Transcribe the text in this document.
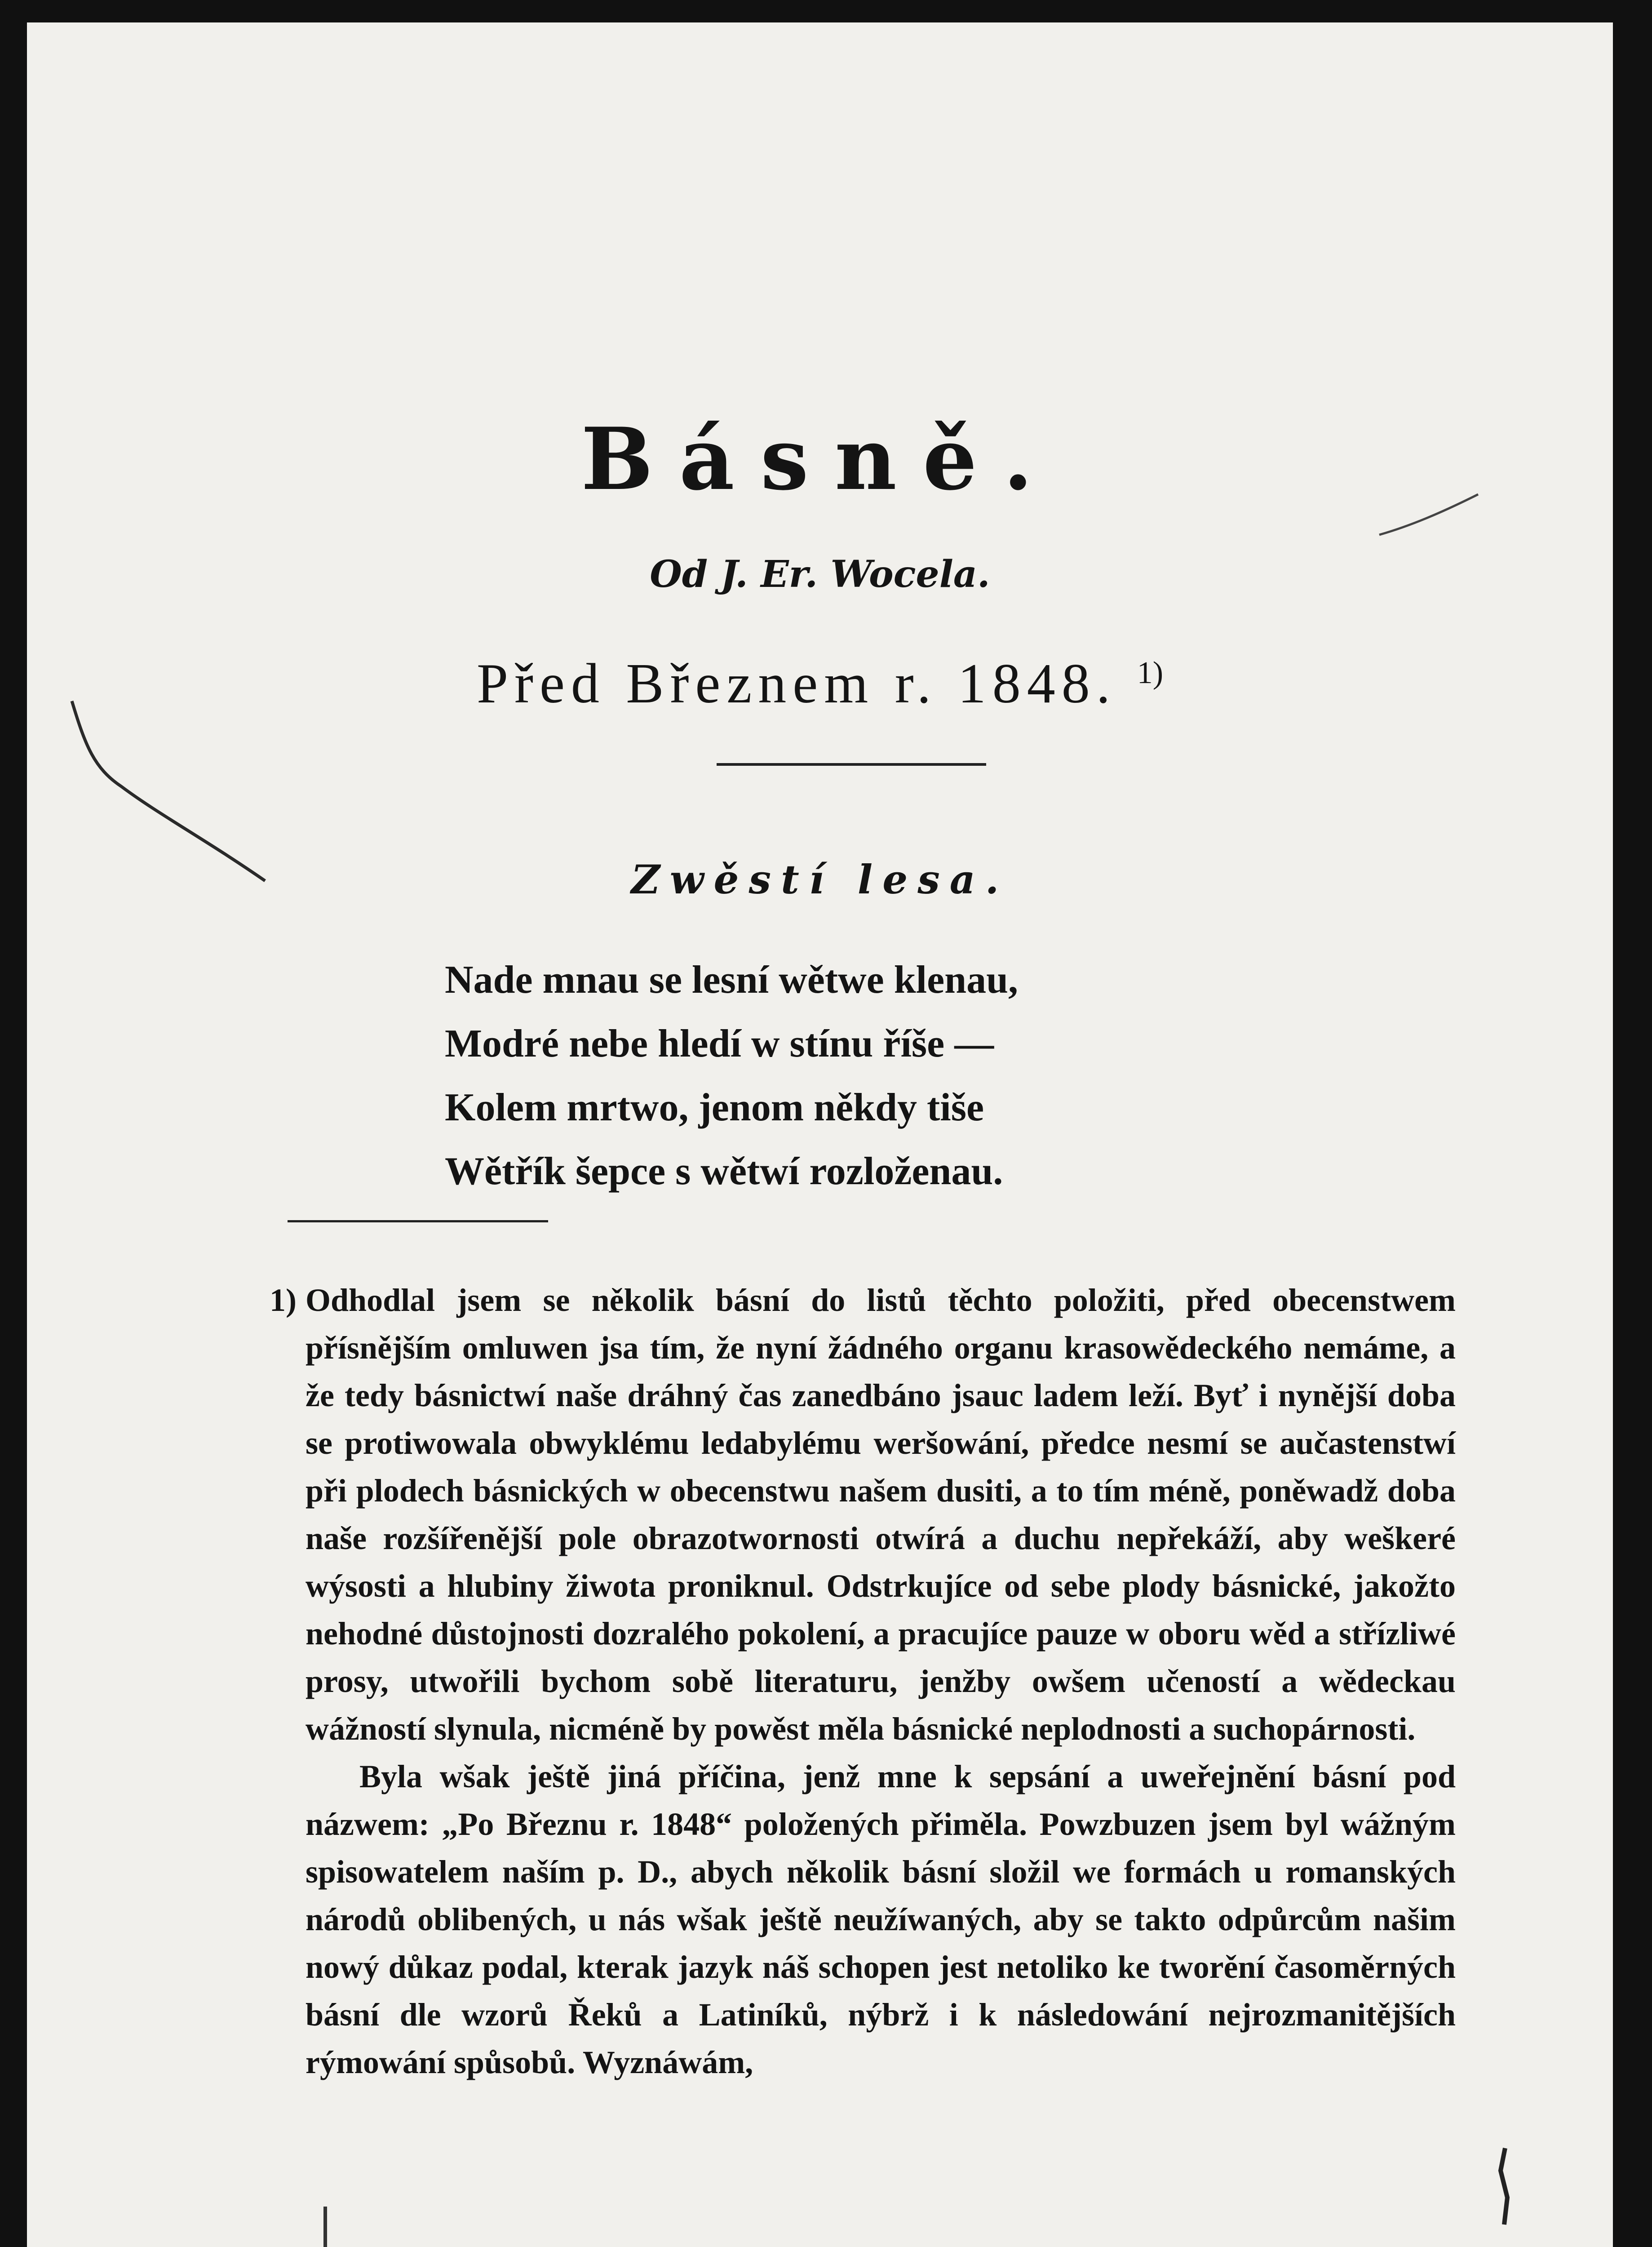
Básně.
Od J. Er. Wocela.
Před Březnem r. 1848. $^{1)}$
Zwěstí lesa.
Nade mnau se lesní wětwe klenau,
Modré nebe hledí w stínu říše —
Kolem mrtwo, jenom někdy tiše
Wětřík šepce s wětwí rozloženau.
1) Odhodlal jsem se několik básní do listů těchto položiti, před obecenstwem přísnějším omluwen jsa tím, že nyní žádného organu krasowědeckého nemáme, a že tedy básnictwí naše dráhný čas zanedbáno jsauc ladem leží. Byť i nynější doba se protiwowala obwyklému ledabylému weršowání, předce nesmí se aučastenstwí při plodech básnických w obecenstwu našem dusiti, a to tím méně, poněwadž doba naše rozšířenější pole obrazotwornosti otwírá a duchu nepřekáží, aby weškeré wýsosti a hlubiny žiwota proniknul. Odstrkujíce od sebe plody básnické, jakožto nehodné důstojnosti dozralého pokolení, a pracujíce pauze w oboru wěd a střízliwé prosy, utwořili bychom sobě literaturu, jenžby owšem učeností a wědeckau wážností slynula, nicméně by powěst měla básnické neplodnosti a suchopárnosti.

Byla wšak ještě jiná příčina, jenž mne k sepsání a uweřejnění básní pod názwem: „Po Březnu r. 1848“ položených přiměla. Powzbuzen jsem byl wážným spisowatelem naším p. D., abych několik básní složil we formách u romanských národů oblibených, u nás wšak ještě neužíwaných, aby se takto odpůrcům našim nowý důkaz podal, kterak jazyk náš schopen jest netoliko ke tworění časoměrných básní dle wzorů Řeků a Latiníků, nýbrž i k následowání nejrozmanitějších rýmowání spůsobů. Wyznáwám,
